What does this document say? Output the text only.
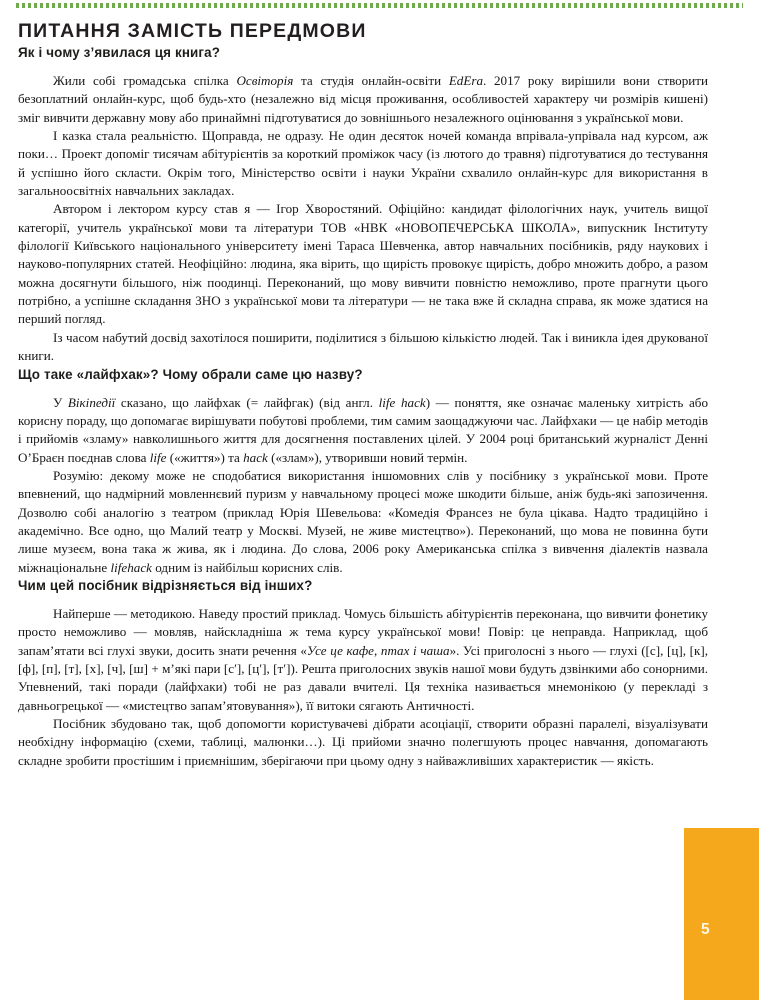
ПИТАННЯ ЗАМІСТЬ ПЕРЕДМОВИ
Як і чому з’явилася ця книга?

Жили собі громадська спілка Освіторія та студія онлайн-освіти EdEra. 2017 року вирішили вони створити безоплатний онлайн-курс, щоб будь-хто (незалежно від місця проживання, особливостей характеру чи розмірів кишені) зміг вивчити державну мову або принаймні підготуватися до зовнішнього незалежного оцінювання з української мови.

І казка стала реальністю. Щоправда, не одразу. Не один десяток ночей команда впрівала-упрівала над курсом, аж поки… Проект допоміг тисячам абітурієнтів за короткий проміжок часу (із лютого до травня) підготуватися до тестування й успішно його скласти. Окрім того, Міністерство освіти і науки України схвалило онлайн-курс для використання в загальноосвітніх навчальних закладах.

Автором і лектором курсу став я — Ігор Хворостяний. Офіційно: кандидат філологічних наук, учитель вищої категорії, учитель української мови та літератури ТОВ «НВК «НОВОПЕЧЕРСЬКА ШКОЛА», випускник Інституту філології Київського національного університету імені Тараса Шевченка, автор навчальних посібників, ряду наукових і науково-популярних статей. Неофіційно: людина, яка вірить, що щирість провокує щирість, добро множить добро, а разом можна досягнути більшого, ніж поодинці. Переконаний, що мову вивчити повністю неможливо, проте прагнути цього потрібно, а успішне складання ЗНО з української мови та літератури — не така вже й складна справа, як може здатися на перший погляд.

Із часом набутий досвід захотілося поширити, поділитися з більшою кількістю людей. Так і виникла ідея друкованої книги.

Що таке «лайфхак»? Чому обрали саме цю назву?

У Вікіпедії сказано, що лайфхак (= лайфгак) (від англ. life hack) — поняття, яке означає маленьку хитрість або корисну пораду, що допомагає вирішувати побутові проблеми, тим самим заощаджуючи час. Лайфхаки — це набір методів і прийомів «зламу» навколишнього життя для досягнення поставлених цілей. У 2004 році британський журналіст Денні О’Браєн поєднав слова life («життя») та hack («злам»), утворивши новий термін.

Розумію: декому може не сподобатися використання іншомовних слів у посібнику з української мови. Проте впевнений, що надмірний мовленнєвий пуризм у навчальному процесі може шкодити більше, аніж будь-які запозичення. Дозволю собі аналогію з театром (приклад Юрія Шевельова: «Комедія Франсез не була цікава. Надто традиційно і академічно. Все одно, що Малий театр у Москві. Музей, не живе мистецтво»). Переконаний, що мова не повинна бути лише музеєм, вона така ж жива, як і людина. До слова, 2006 року Американська спілка з вивчення діалектів назвала міжнаціональне lifehack одним із найбільш корисних слів.

Чим цей посібник відрізняється від інших?

Найперше — методикою. Наведу простий приклад. Чомусь більшість абітурієнтів переконана, що вивчити фонетику просто неможливо — мовляв, найскладніша ж тема курсу української мови! Повір: це неправда. Наприклад, щоб запам’ятати всі глухі звуки, досить знати речення «Усе це кафе, птах і чаша». Усі приголосні з нього — глухі ([с], [ц], [к], [ф], [п], [т], [х], [ч], [ш] + м’які пари [с′], [ц′], [т′]). Решта приголосних звуків нашої мови будуть дзвінкими або сонорними. Упевнений, такі поради (лайфхаки) тобі не раз давали вчителі. Ця техніка називається мнемонікою (у перекладі з давньогрецької — «мистецтво запам’ятовування»), її витоки сягають Античності.

Посібник збудовано так, щоб допомогти користувачеві дібрати асоціації, створити образні паралелі, візуалізувати необхідну інформацію (схеми, таблиці, малюнки…). Ці прийоми значно полегшують процес навчання, допомагають складне зробити простішим і приємнішим, зберігаючи при цьому одну з найважливіших характеристик — якість.

5
